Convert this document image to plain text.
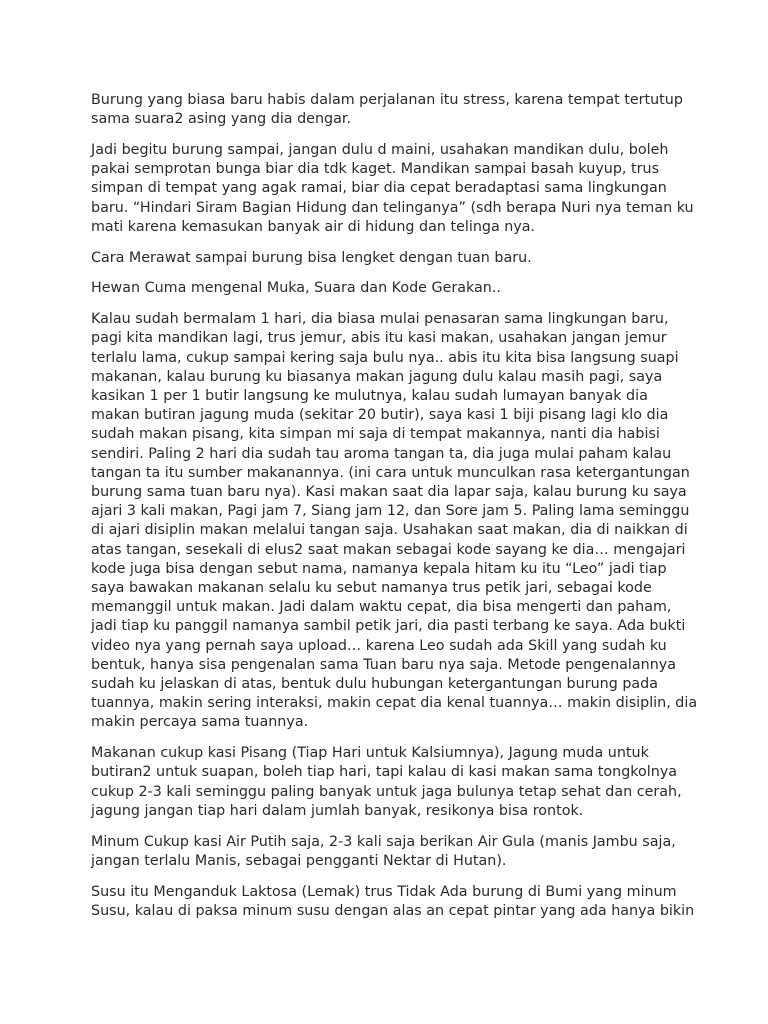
Burung yang biasa baru habis dalam perjalanan itu stress, karena tempat tertutup
sama suara2 asing yang dia dengar.

Jadi begitu burung sampai, jangan dulu d maini, usahakan mandikan dulu, boleh
pakai semprotan bunga biar dia tdk kaget. Mandikan sampai basah kuyup, trus
simpan di tempat yang agak ramai, biar dia cepat beradaptasi sama lingkungan
baru. “Hindari Siram Bagian Hidung dan telinganya” (sdh berapa Nuri nya teman ku
mati karena kemasukan banyak air di hidung dan telinga nya.

Cara Merawat sampai burung bisa lengket dengan tuan baru.

Hewan Cuma mengenal Muka, Suara dan Kode Gerakan..

Kalau sudah bermalam 1 hari, dia biasa mulai penasaran sama lingkungan baru,
pagi kita mandikan lagi, trus jemur, abis itu kasi makan, usahakan jangan jemur
terlalu lama, cukup sampai kering saja bulu nya.. abis itu kita bisa langsung suapi
makanan, kalau burung ku biasanya makan jagung dulu kalau masih pagi, saya
kasikan 1 per 1 butir langsung ke mulutnya, kalau sudah lumayan banyak dia
makan butiran jagung muda (sekitar 20 butir), saya kasi 1 biji pisang lagi klo dia
sudah makan pisang, kita simpan mi saja di tempat makannya, nanti dia habisi
sendiri. Paling 2 hari dia sudah tau aroma tangan ta, dia juga mulai paham kalau
tangan ta itu sumber makanannya. (ini cara untuk munculkan rasa ketergantungan
burung sama tuan baru nya). Kasi makan saat dia lapar saja, kalau burung ku saya
ajari 3 kali makan, Pagi jam 7, Siang jam 12, dan Sore jam 5. Paling lama seminggu
di ajari disiplin makan melalui tangan saja. Usahakan saat makan, dia di naikkan di
atas tangan, sesekali di elus2 saat makan sebagai kode sayang ke dia… mengajari
kode juga bisa dengan sebut nama, namanya kepala hitam ku itu “Leo” jadi tiap
saya bawakan makanan selalu ku sebut namanya trus petik jari, sebagai kode
memanggil untuk makan. Jadi dalam waktu cepat, dia bisa mengerti dan paham,
jadi tiap ku panggil namanya sambil petik jari, dia pasti terbang ke saya. Ada bukti
video nya yang pernah saya upload… karena Leo sudah ada Skill yang sudah ku
bentuk, hanya sisa pengenalan sama Tuan baru nya saja. Metode pengenalannya
sudah ku jelaskan di atas, bentuk dulu hubungan ketergantungan burung pada
tuannya, makin sering interaksi, makin cepat dia kenal tuannya… makin disiplin, dia
makin percaya sama tuannya.

Makanan cukup kasi Pisang (Tiap Hari untuk Kalsiumnya), Jagung muda untuk
butiran2 untuk suapan, boleh tiap hari, tapi kalau di kasi makan sama tongkolnya
cukup 2-3 kali seminggu paling banyak untuk jaga bulunya tetap sehat dan cerah,
jagung jangan tiap hari dalam jumlah banyak, resikonya bisa rontok.

Minum Cukup kasi Air Putih saja, 2-3 kali saja berikan Air Gula (manis Jambu saja,
jangan terlalu Manis, sebagai pengganti Nektar di Hutan).

Susu itu Menganduk Laktosa (Lemak) trus Tidak Ada burung di Bumi yang minum
Susu, kalau di paksa minum susu dengan alas an cepat pintar yang ada hanya bikin
